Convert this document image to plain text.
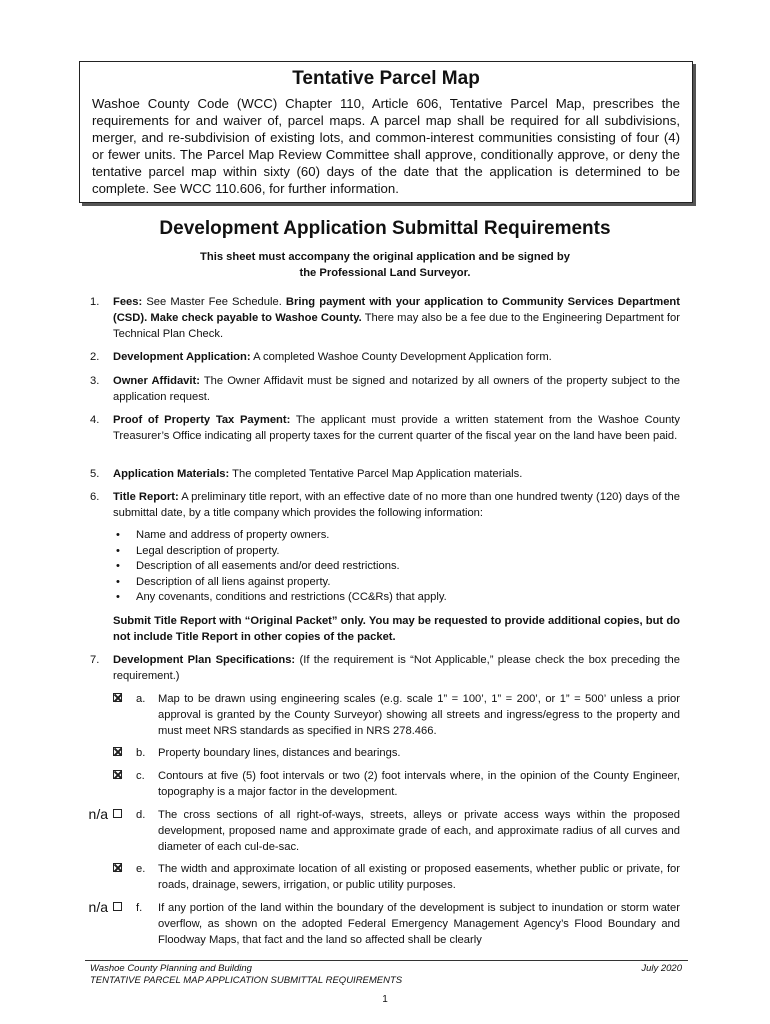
Tentative Parcel Map

Washoe County Code (WCC) Chapter 110, Article 606, Tentative Parcel Map, prescribes the requirements for and waiver of, parcel maps. A parcel map shall be required for all subdivisions, merger, and re-subdivision of existing lots, and common-interest communities consisting of four (4) or fewer units. The Parcel Map Review Committee shall approve, conditionally approve, or deny the tentative parcel map within sixty (60) days of the date that the application is determined to be complete. See WCC 110.606, for further information.

Development Application Submittal Requirements
This sheet must accompany the original application and be signed by
the Professional Land Surveyor.
1.	Fees: See Master Fee Schedule. Bring payment with your application to Community Services Department (CSD). Make check payable to Washoe County. There may also be a fee due to the Engineering Department for Technical Plan Check.
2.	Development Application: A completed Washoe County Development Application form.
3.	Owner Affidavit: The Owner Affidavit must be signed and notarized by all owners of the property subject to the application request.
4.	Proof of Property Tax Payment: The applicant must provide a written statement from the Washoe County Treasurer’s Office indicating all property taxes for the current quarter of the fiscal year on the land have been paid.
5.	Application Materials: The completed Tentative Parcel Map Application materials.
6.	Title Report: A preliminary title report, with an effective date of no more than one hundred twenty (120) days of the submittal date, by a title company which provides the following information:
• Name and address of property owners.
• Legal description of property.
• Description of all easements and/or deed restrictions.
• Description of all liens against property.
• Any covenants, conditions and restrictions (CC&Rs) that apply.
Submit Title Report with “Original Packet” only. You may be requested to provide additional copies, but do not include Title Report in other copies of the packet.
7.	Development Plan Specifications: (If the requirement is “Not Applicable,” please check the box preceding the requirement.)
a. Map to be drawn using engineering scales (e.g. scale 1” = 100’, 1” = 200’, or 1” = 500’ unless a prior approval is granted by the County Surveyor) showing all streets and ingress/egress to the property and must meet NRS standards as specified in NRS 278.466.
b. Property boundary lines, distances and bearings.
c. Contours at five (5) foot intervals or two (2) foot intervals where, in the opinion of the County Engineer, topography is a major factor in the development.
n/a	d. The cross sections of all right-of-ways, streets, alleys or private access ways within the proposed development, proposed name and approximate grade of each, and approximate radius of all curves and diameter of each cul-de-sac.
e. The width and approximate location of all existing or proposed easements, whether public or private, for roads, drainage, sewers, irrigation, or public utility purposes.
n/a	f. If any portion of the land within the boundary of the development is subject to inundation or storm water overflow, as shown on the adopted Federal Emergency Management Agency’s Flood Boundary and Floodway Maps, that fact and the land so affected shall be clearly
Washoe County Planning and Building
TENTATIVE PARCEL MAP APPLICATION SUBMITTAL REQUIREMENTS
July 2020
1
